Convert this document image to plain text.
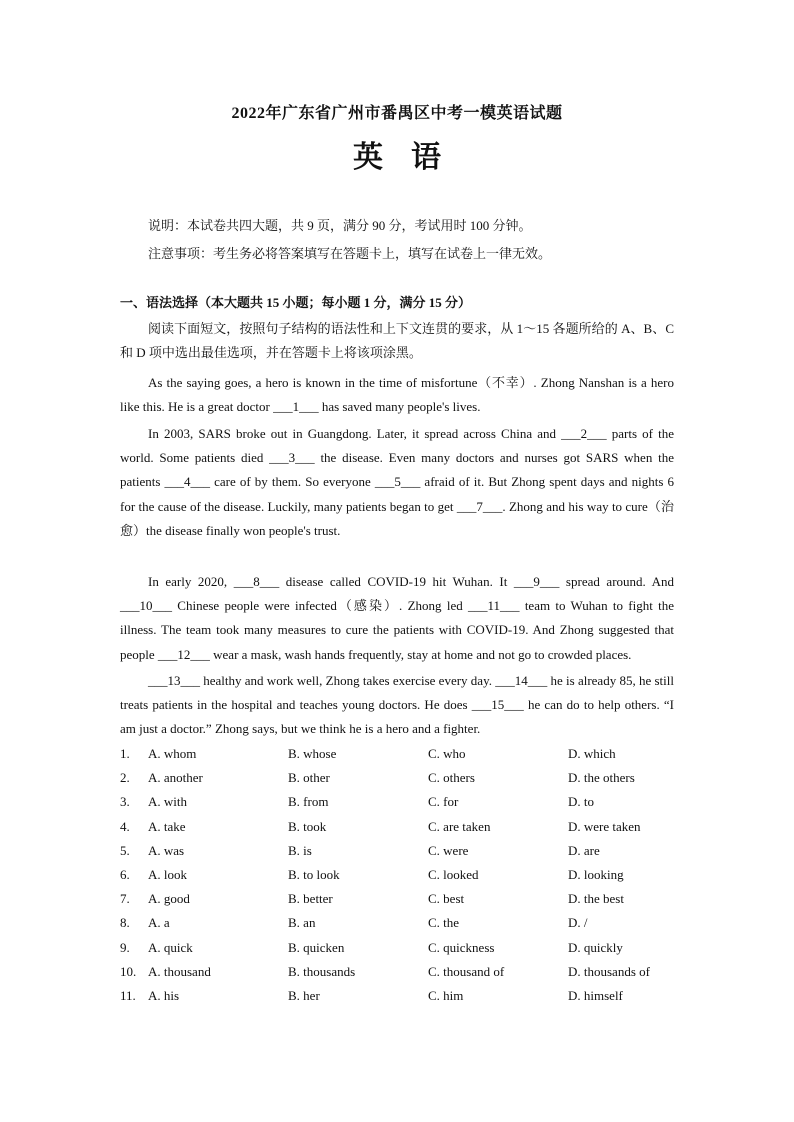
2022年广东省广州市番禺区中考一模英语试题
英语
说明：本试卷共四大题，共 9 页，满分 90 分，考试用时 100 分钟。
注意事项：考生务必将答案填写在答题卡上，填写在试卷上一律无效。
一、语法选择（本大题共 15 小题；每小题 1 分，满分 15 分）
阅读下面短文，按照句子结构的语法性和上下文连贯的要求，从 1～15 各题所给的 A、B、C 和 D 项中选出最佳选项，并在答题卡上将该项涂黑。
As the saying goes, a hero is known in the time of misfortune（不幸）. Zhong Nanshan is a hero like this. He is a great doctor ___1___ has saved many people's lives.
In 2003, SARS broke out in Guangdong. Later, it spread across China and ___2___ parts of the world. Some patients died ___3___ the disease. Even many doctors and nurses got SARS when the patients ___4___ care of by them. So everyone ___5___ afraid of it. But Zhong spent days and nights 6 for the cause of the disease. Luckily, many patients began to get ___7___. Zhong and his way to cure（治愈）the disease finally won people's trust.
In early 2020, ___8___ disease called COVID-19 hit Wuhan. It ___9___ spread around. And ___10___ Chinese people were infected（感染）. Zhong led ___11___ team to Wuhan to fight the illness. The team took many measures to cure the patients with COVID-19. And Zhong suggested that people ___12___ wear a mask, wash hands frequently, stay at home and not go to crowded places.
___13___ healthy and work well, Zhong takes exercise every day. ___14___ he is already 85, he still treats patients in the hospital and teaches young doctors. He does ___15___ he can do to help others. “I am just a doctor.” Zhong says, but we think he is a hero and a fighter.
1. A. whom	B. whose	C. who	D. which
2. A. another	B. other	C. others	D. the others
3. A. with	B. from	C. for	D. to
4. A. take	B. took	C. are taken	D. were taken
5. A. was	B. is	C. were	D. are
6. A. look	B. to look	C. looked	D. looking
7. A. good	B. better	C. best	D. the best
8. A. a	B. an	C. the	D. /
9. A. quick	B. quicken	C. quickness	D. quickly
10. A. thousand	B. thousands	C. thousand of	D. thousands of
11. A. his	B. her	C. him	D. himself
